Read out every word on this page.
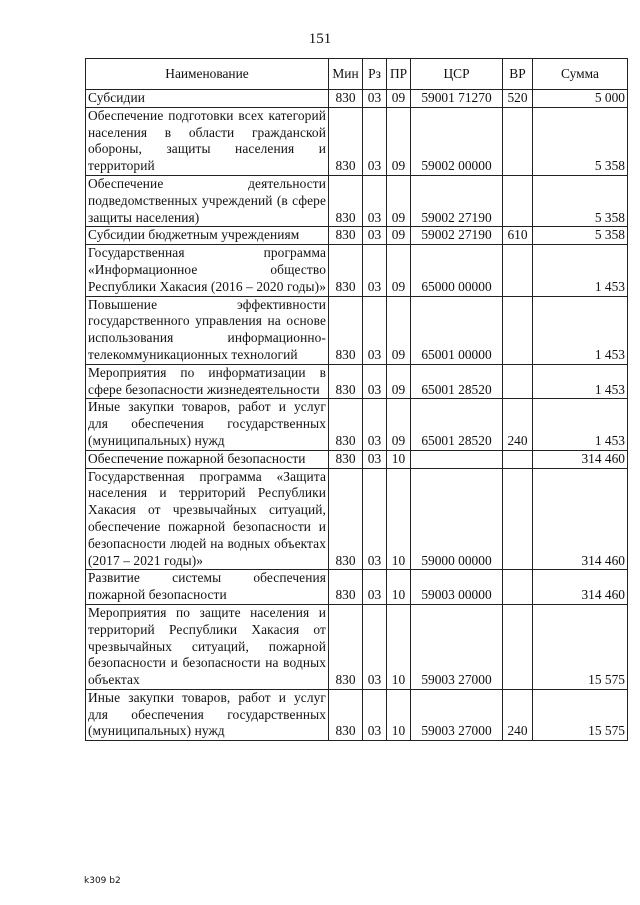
151
Наименование	Мин	Рз	ПР	ЦСР	ВР	Сумма
Субсидии	830	03	09	59001 71270	520	5 000
Обеспечение подготовки всех категорий населения в области гражданской обороны, защиты населения и территорий	830	03	09	59002 00000		5 358
Обеспечение деятельности подведомственных учреждений (в сфере защиты населения)	830	03	09	59002 27190		5 358
Субсидии бюджетным учреждениям	830	03	09	59002 27190	610	5 358
Государственная программа «Информационное общество Республики Хакасия (2016 – 2020 годы)»	830	03	09	65000 00000		1 453
Повышение эффективности государственного управления на основе использования информационно-телекоммуникационных технологий	830	03	09	65001 00000		1 453
Мероприятия по информатизации в сфере безопасности жизнедеятельности	830	03	09	65001 28520		1 453
Иные закупки товаров, работ и услуг для обеспечения государственных (муниципальных) нужд	830	03	09	65001 28520	240	1 453
Обеспечение пожарной безопасности	830	03	10			314 460
Государственная программа «Защита населения и территорий Республики Хакасия от чрезвычайных ситуаций, обеспечение пожарной безопасности и безопасности людей на водных объектах (2017 – 2021 годы)»	830	03	10	59000 00000		314 460
Развитие системы обеспечения пожарной безопасности	830	03	10	59003 00000		314 460
Мероприятия по защите населения и территорий Республики Хакасия от чрезвычайных ситуаций, пожарной безопасности и безопасности на водных объектах	830	03	10	59003 27000		15 575
Иные закупки товаров, работ и услуг для обеспечения государственных (муниципальных) нужд	830	03	10	59003 27000	240	15 575
k309 b2
